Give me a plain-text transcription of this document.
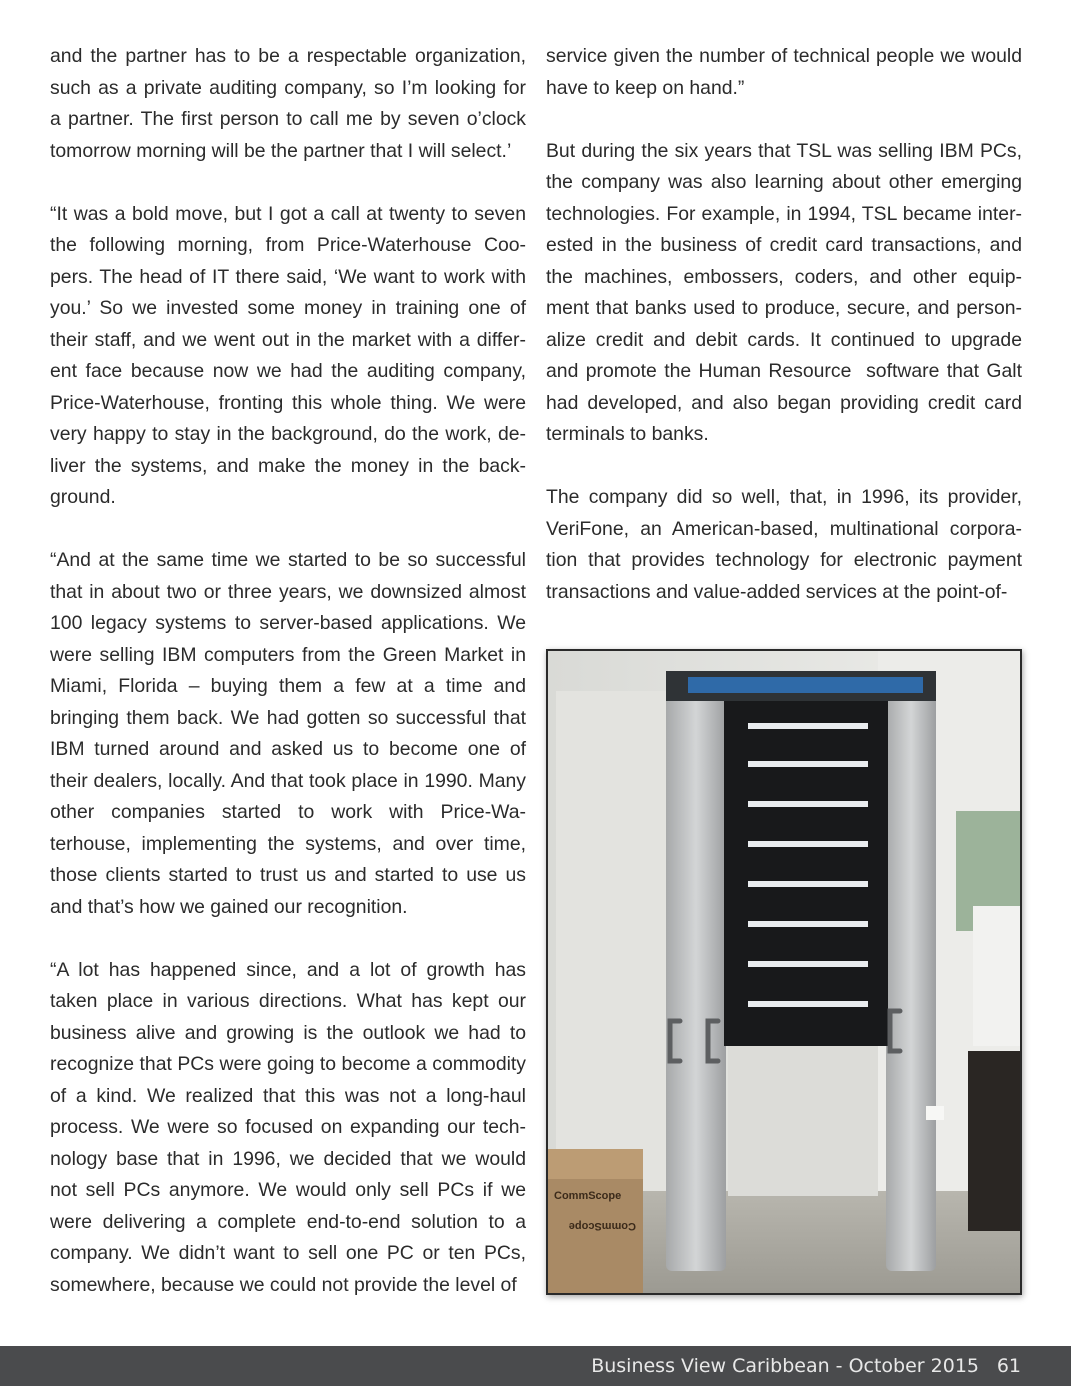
and the partner has to be a respectable organization, such as a private auditing company, so I’m looking for a partner. The first person to call me by seven o’clock tomorrow morning will be the partner that I will select.’

“It was a bold move, but I got a call at twenty to seven the following morning, from Price-Waterhouse Coopers. The head of IT there said, ‘We want to work with you.’ So we invested some money in training one of their staff, and we went out in the market with a different face because now we had the auditing company, Price-Waterhouse, fronting this whole thing. We were very happy to stay in the background, do the work, deliver the systems, and make the money in the background.

“And at the same time we started to be so successful that in about two or three years, we downsized almost 100 legacy systems to server-based applications. We were selling IBM computers from the Green Market in Miami, Florida – buying them a few at a time and bringing them back. We had gotten so successful that IBM turned around and asked us to become one of their dealers, locally. And that took place in 1990. Many other companies started to work with Price-Waterhouse, implementing the systems, and over time, those clients started to trust us and started to use us and that’s how we gained our recognition.

“A lot has happened since, and a lot of growth has taken place in various directions. What has kept our business alive and growing is the outlook we had to recognize that PCs were going to become a commodity of a kind. We realized that this was not a long-haul process. We were so focused on expanding our technology base that in 1996, we decided that we would not sell PCs anymore. We would only sell PCs if we were delivering a complete end-to-end solution to a company. We didn’t want to sell one PC or ten PCs, somewhere, because we could not provide the level of

service given the number of technical people we would have to keep on hand.”

But during the six years that TSL was selling IBM PCs, the company was also learning about other emerging technologies. For example, in 1994, TSL became interested in the business of credit card transactions, and the machines, embossers, coders, and other equipment that banks used to produce, secure, and personalize credit and debit cards. It continued to upgrade and promote the Human Resource  software that Galt had developed, and also began providing credit card terminals to banks.

The company did so well, that, in 1996, its provider, VeriFone, an American-based, multinational corporation that provides technology for electronic payment transactions and value-added services at the point-of-

CommScope
CommScope
Business View Caribbean - October 2015 61
